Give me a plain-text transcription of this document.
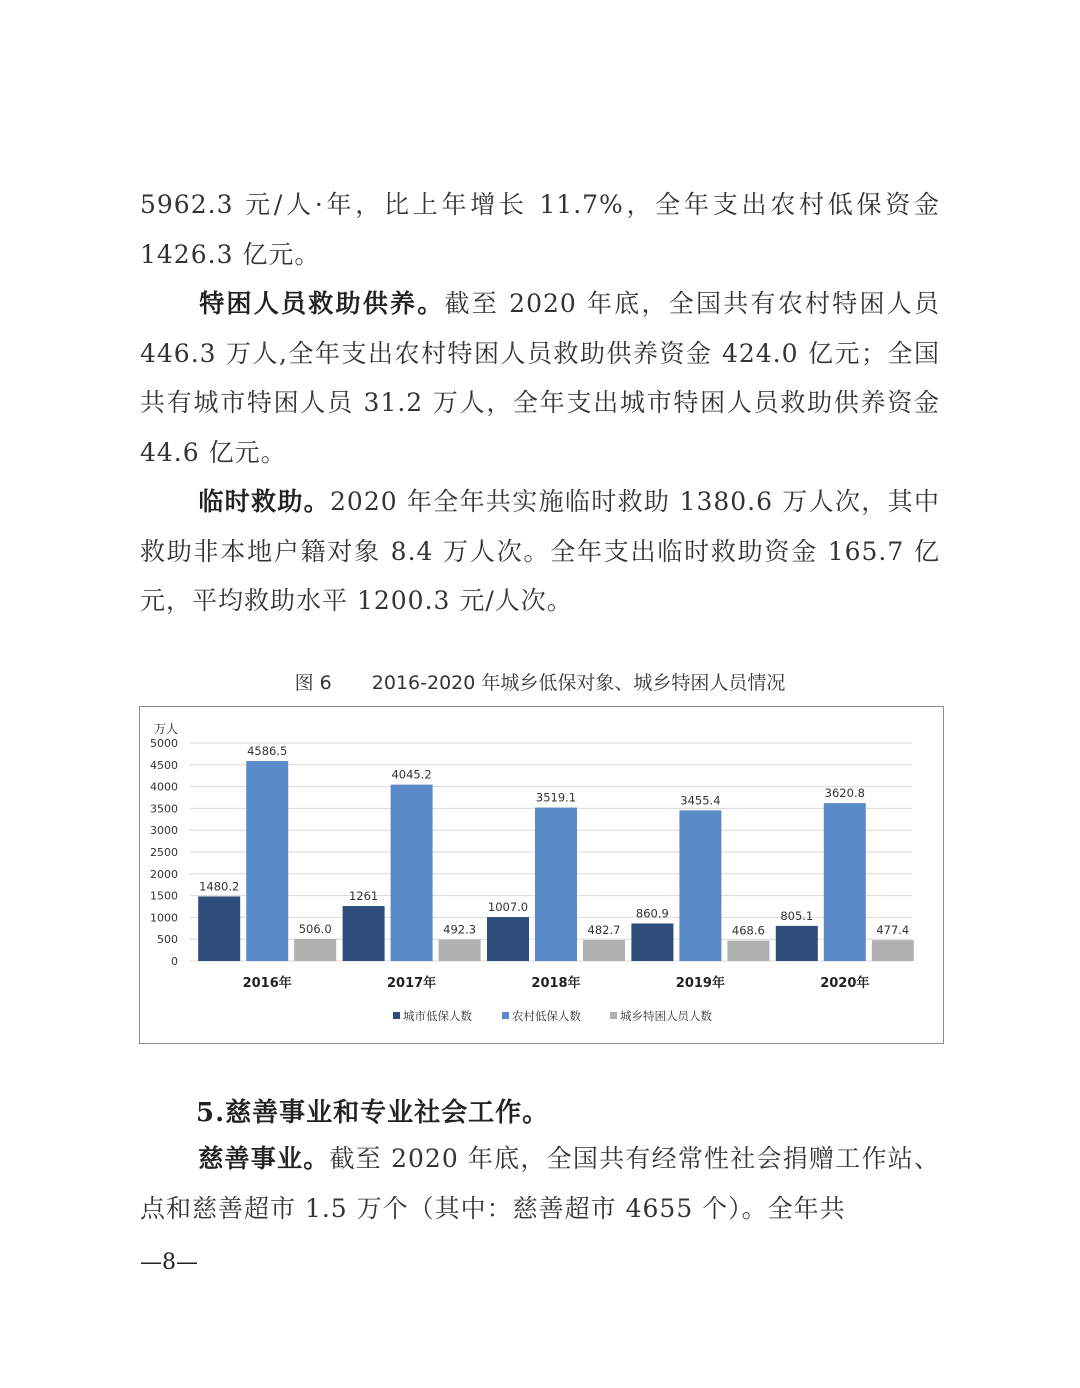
5962.3 元/人·年，比上年增长 11.7%，全年支出农村低保资金 1426.3 亿元。

特困人员救助供养。截至 2020 年底，全国共有农村特困人员 446.3 万人,全年支出农村特困人员救助供养资金 424.0 亿元；全国共有城市特困人员 31.2 万人，全年支出城市特困人员救助供养资金 44.6 亿元。

临时救助。2020 年全年共实施临时救助 1380.6 万人次，其中救助非本地户籍对象 8.4 万人次。全年支出临时救助资金 165.7 亿元，平均救助水平 1200.3 元/人次。

图 6 2016-2020 年城乡低保对象、城乡特困人员情况
万人
0
500
1000
1500
2000
2500
3000
3500
4000
4500
5000
1480.2
4586.5
506.0
2016年
1261
4045.2
492.3
2017年
1007.0
3519.1
482.7
2018年
860.9
3455.4
468.6
2019年
805.1
3620.8
477.4
2020年
城市低保人数	农村低保人数	城乡特困人员人数

5.慈善事业和专业社会工作。

慈善事业。截至 2020 年底，全国共有经常性社会捐赠工作站、点和慈善超市 1.5 万个（其中：慈善超市 4655 个）。全年共

—8—
